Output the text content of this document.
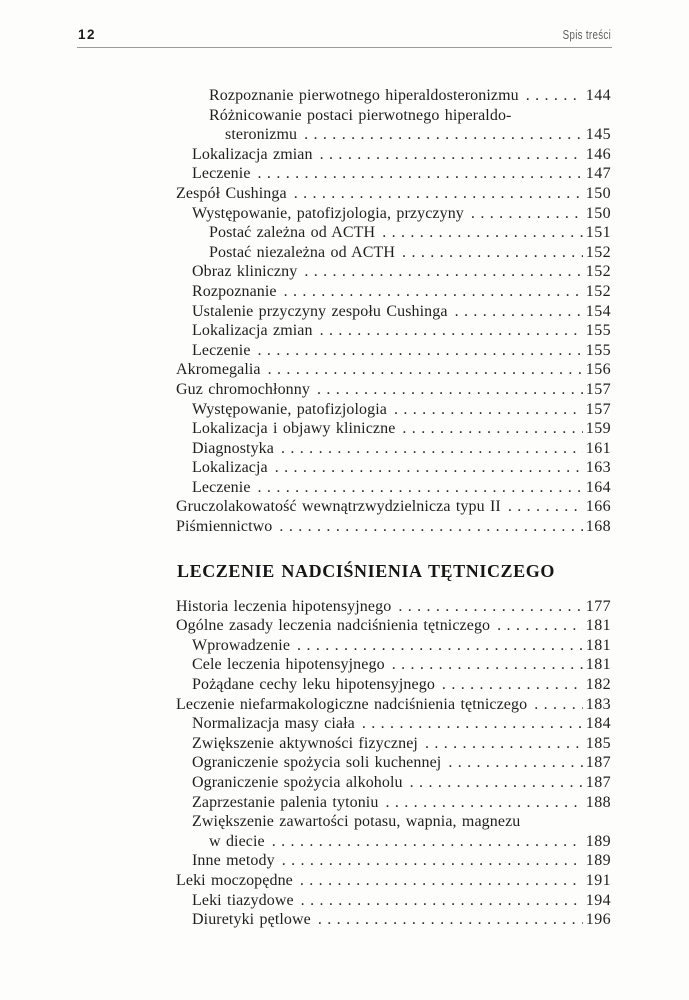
12	Spis treści
Rozpoznanie pierwotnego hiperaldosteronizmu .....	144
Różnicowanie postaci pierwotnego hiperaldo-
steronizmu .....	145
Lokalizacja zmian .....	146
Leczenie .....	147
Zespół Cushinga .....	150
Występowanie, patofizjologia, przyczyny .....	150
Postać zależna od ACTH .....	151
Postać niezależna od ACTH .....	152
Obraz kliniczny .....	152
Rozpoznanie .....	152
Ustalenie przyczyny zespołu Cushinga .....	154
Lokalizacja zmian .....	155
Leczenie .....	155
Akromegalia .....	156
Guz chromochłonny .....	157
Występowanie, patofizjologia .....	157
Lokalizacja i objawy kliniczne .....	159
Diagnostyka .....	161
Lokalizacja .....	163
Leczenie .....	164
Gruczolakowatość wewnątrzwydzielnicza typu II .....	166
Piśmiennictwo .....	168
LECZENIE NADCIŚNIENIA TĘTNICZEGO
Historia leczenia hipotensyjnego .....	177
Ogólne zasady leczenia nadciśnienia tętniczego .....	181
Wprowadzenie .....	181
Cele leczenia hipotensyjnego .....	181
Pożądane cechy leku hipotensyjnego .....	182
Leczenie niefarmakologiczne nadciśnienia tętniczego .....	183
Normalizacja masy ciała .....	184
Zwiększenie aktywności fizycznej .....	185
Ograniczenie spożycia soli kuchennej .....	187
Ograniczenie spożycia alkoholu .....	187
Zaprzestanie palenia tytoniu .....	188
Zwiększenie zawartości potasu, wapnia, magnezu
w diecie .....	189
Inne metody .....	189
Leki moczopędne .....	191
Leki tiazydowe .....	194
Diuretyki pętlowe .....	196
